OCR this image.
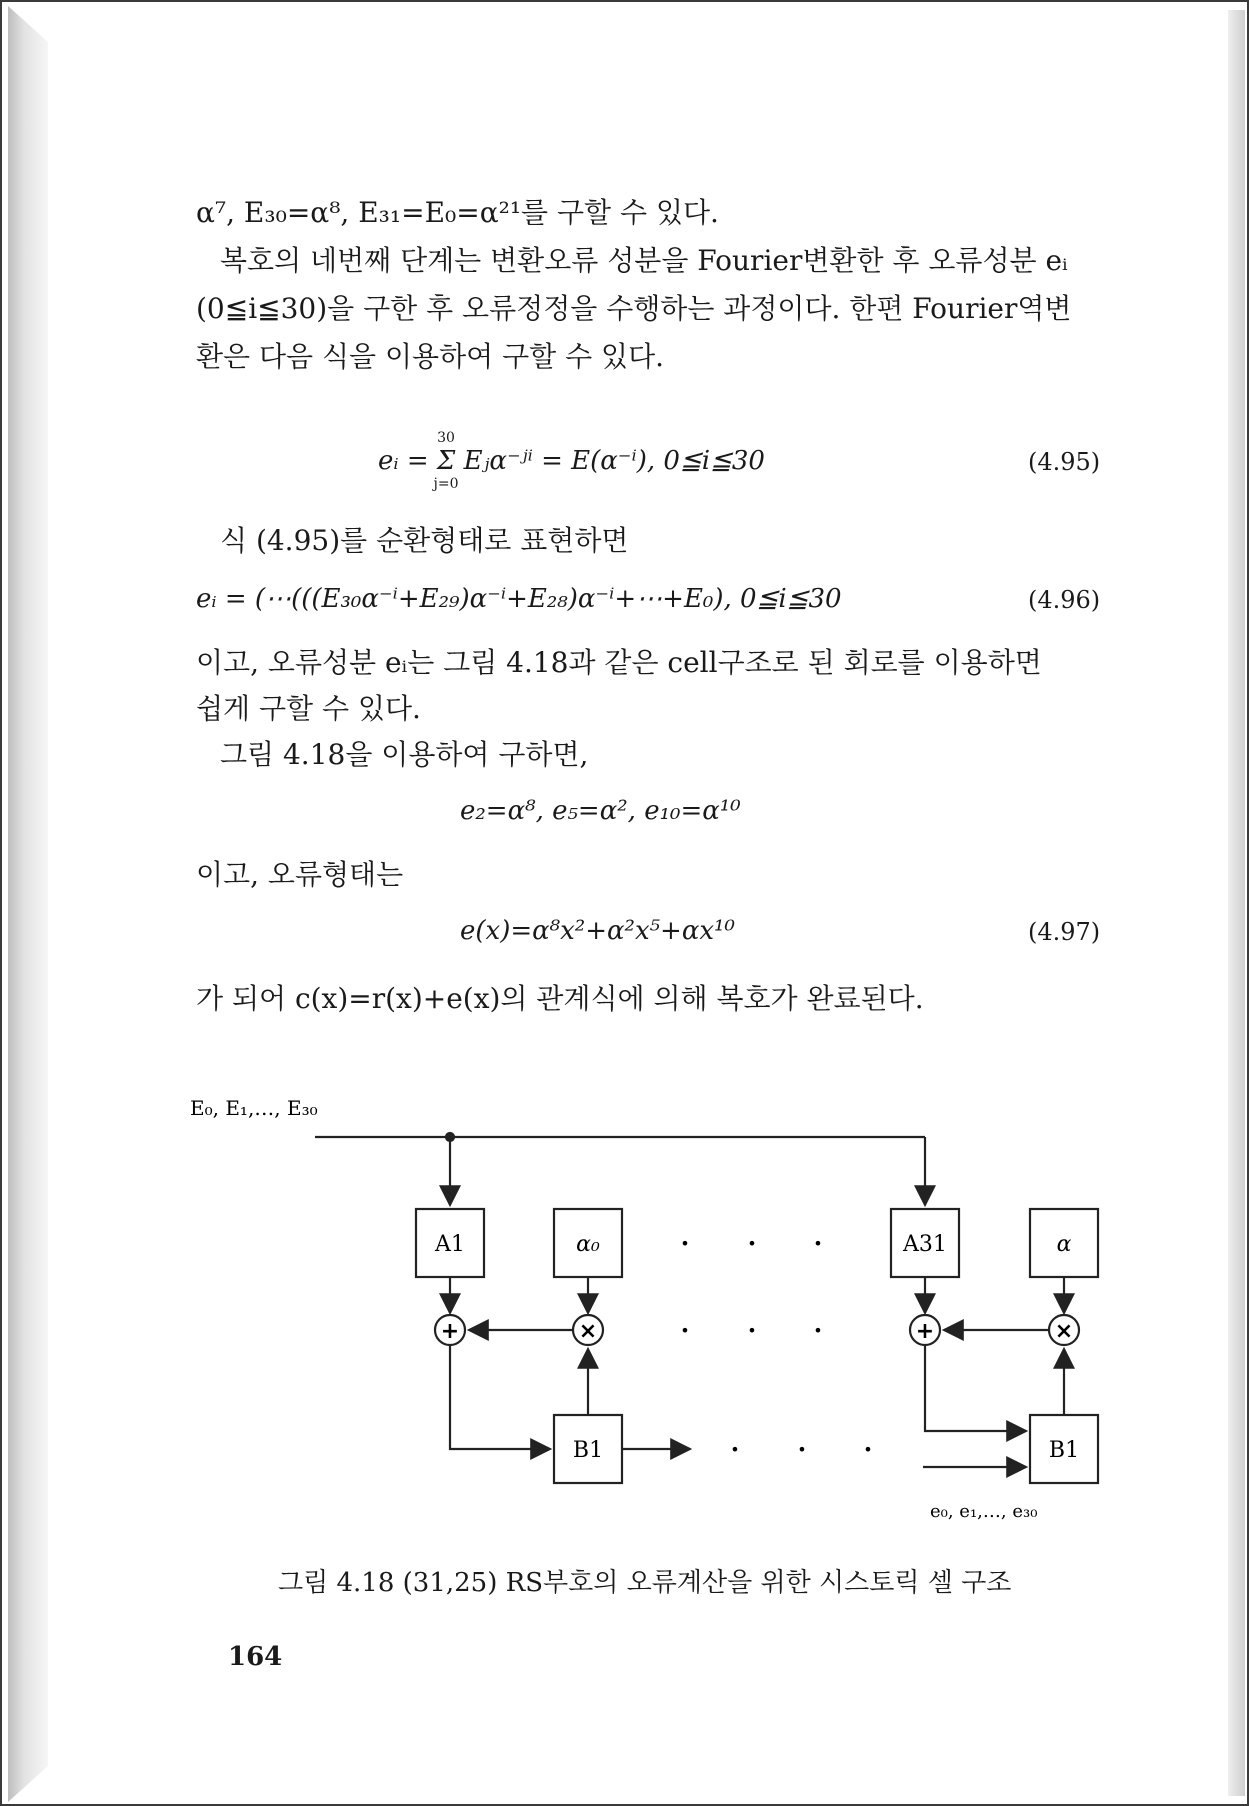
α⁷, E₃₀=α⁸, E₃₁=E₀=α²¹를 구할 수 있다.
복호의 네번째 단계는 변환오류 성분을 Fourier변환한 후 오류성분 eᵢ
(0≦i≦30)을 구한 후 오류정정을 수행하는 과정이다. 한편 Fourier역변
환은 다음 식을 이용하여 구할 수 있다.
30
j=0
eᵢ = Σ Eⱼα⁻ʲⁱ = E(α⁻ⁱ), 0≦i≦30	(4.95)
식 (4.95)를 순환형태로 표현하면
eᵢ = (⋯(((E₃₀α⁻ⁱ+E₂₉)α⁻ⁱ+E₂₈)α⁻ⁱ+⋯+E₀), 0≦i≦30	(4.96)
이고, 오류성분 eᵢ는 그림 4.18과 같은 cell구조로 된 회로를 이용하면
쉽게 구할 수 있다.
그림 4.18을 이용하여 구하면,
e₂=α⁸, e₅=α², e₁₀=α¹⁰
이고, 오류형태는
e(x)=α⁸x²+α²x⁵+αx¹⁰	(4.97)
가 되어 c(x)=r(x)+e(x)의 관계식에 의해 복호가 완료된다.
E₀, E₁,…, E₃₀
e₀, e₁,…, e₃₀
A1	α₀	A31	α
B1	B1
+	×	+	×
•	•	•
•	•	•
•	•	•
그림 4.18 (31,25) RS부호의 오류계산을 위한 시스토릭 셀 구조
164
